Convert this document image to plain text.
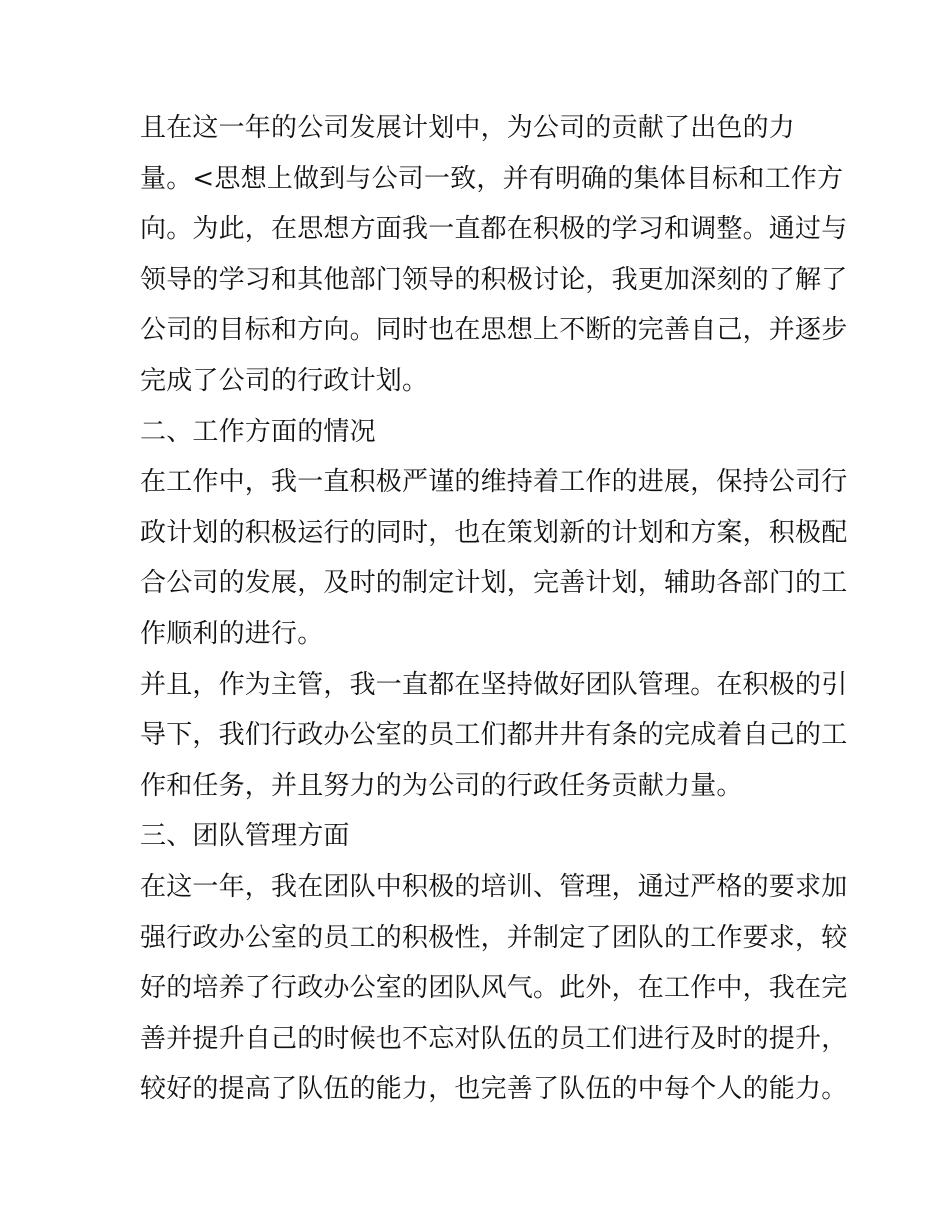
且在这一年的公司发展计划中，为公司的贡献了出色的力
量。<思想上做到与公司一致，并有明确的集体目标和工作方
向。为此，在思想方面我一直都在积极的学习和调整。通过与
领导的学习和其他部门领导的积极讨论，我更加深刻的了解了
公司的目标和方向。同时也在思想上不断的完善自己，并逐步
完成了公司的行政计划。
二、工作方面的情况
在工作中，我一直积极严谨的维持着工作的进展，保持公司行
政计划的积极运行的同时，也在策划新的计划和方案，积极配
合公司的发展，及时的制定计划，完善计划，辅助各部门的工
作顺利的进行。
并且，作为主管，我一直都在坚持做好团队管理。在积极的引
导下，我们行政办公室的员工们都井井有条的完成着自己的工
作和任务，并且努力的为公司的行政任务贡献力量。
三、团队管理方面
在这一年，我在团队中积极的培训、管理，通过严格的要求加
强行政办公室的员工的积极性，并制定了团队的工作要求，较
好的培养了行政办公室的团队风气。此外，在工作中，我在完
善并提升自己的时候也不忘对队伍的员工们进行及时的提升，
较好的提高了队伍的能力，也完善了队伍的中每个人的能力。
